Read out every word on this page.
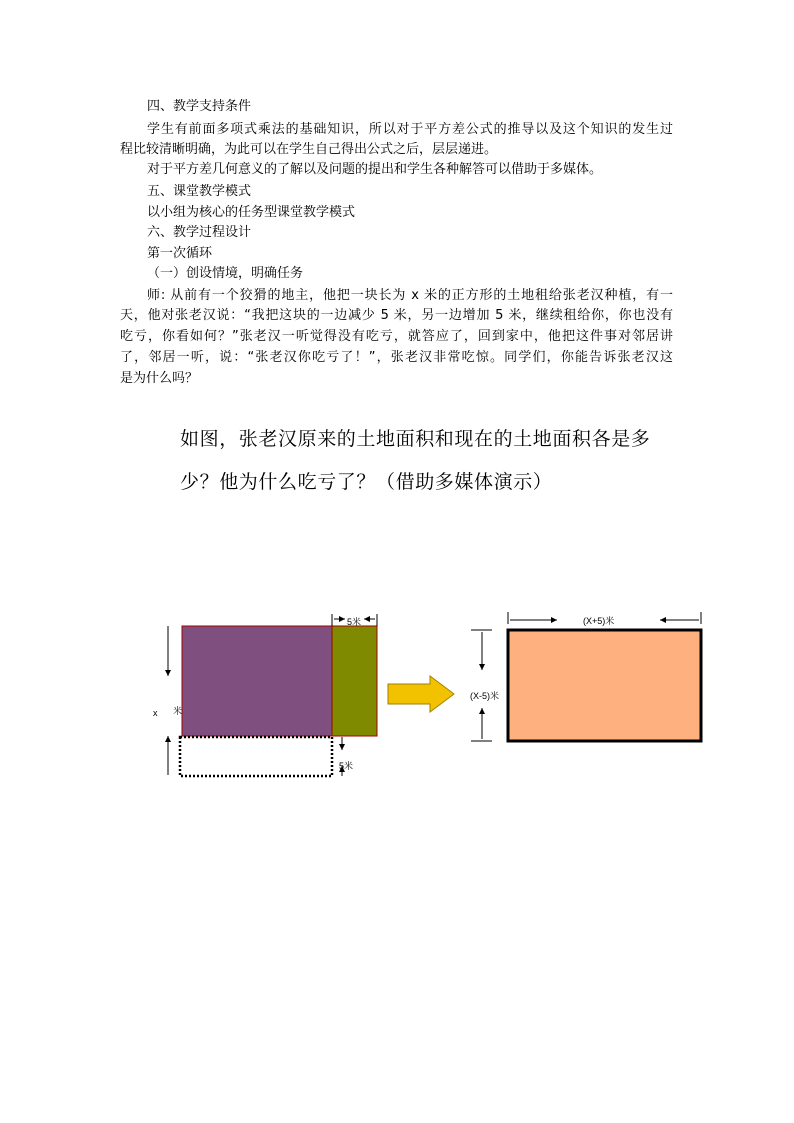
四、教学支持条件
学生有前面多项式乘法的基础知识，所以对于平方差公式的推导以及这个知识的发生过
程比较清晰明确，为此可以在学生自己得出公式之后，层层递进。
对于平方差几何意义的了解以及问题的提出和学生各种解答可以借助于多媒体。
五、课堂教学模式
以小组为核心的任务型课堂教学模式
六、教学过程设计
第一次循环
（一）创设情境，明确任务
师: 从前有一个狡猾的地主，他把一块长为 x 米的正方形的土地租给张老汉种植，有一
天，他对张老汉说：“我把这块的一边减少 5 米，另一边增加 5 米，继续租给你，你也没有
吃亏，你看如何？”张老汉一听觉得没有吃亏，就答应了，回到家中，他把这件事对邻居讲
了，邻居一听，说：“张老汉你吃亏了！”，张老汉非常吃惊。同学们，你能告诉张老汉这
是为什么吗？
如图，张老汉原来的土地面积和现在的土地面积各是多
少？他为什么吃亏了？（借助多媒体演示）
x 米
5米
5米
(X+5)米
(X-5)米
